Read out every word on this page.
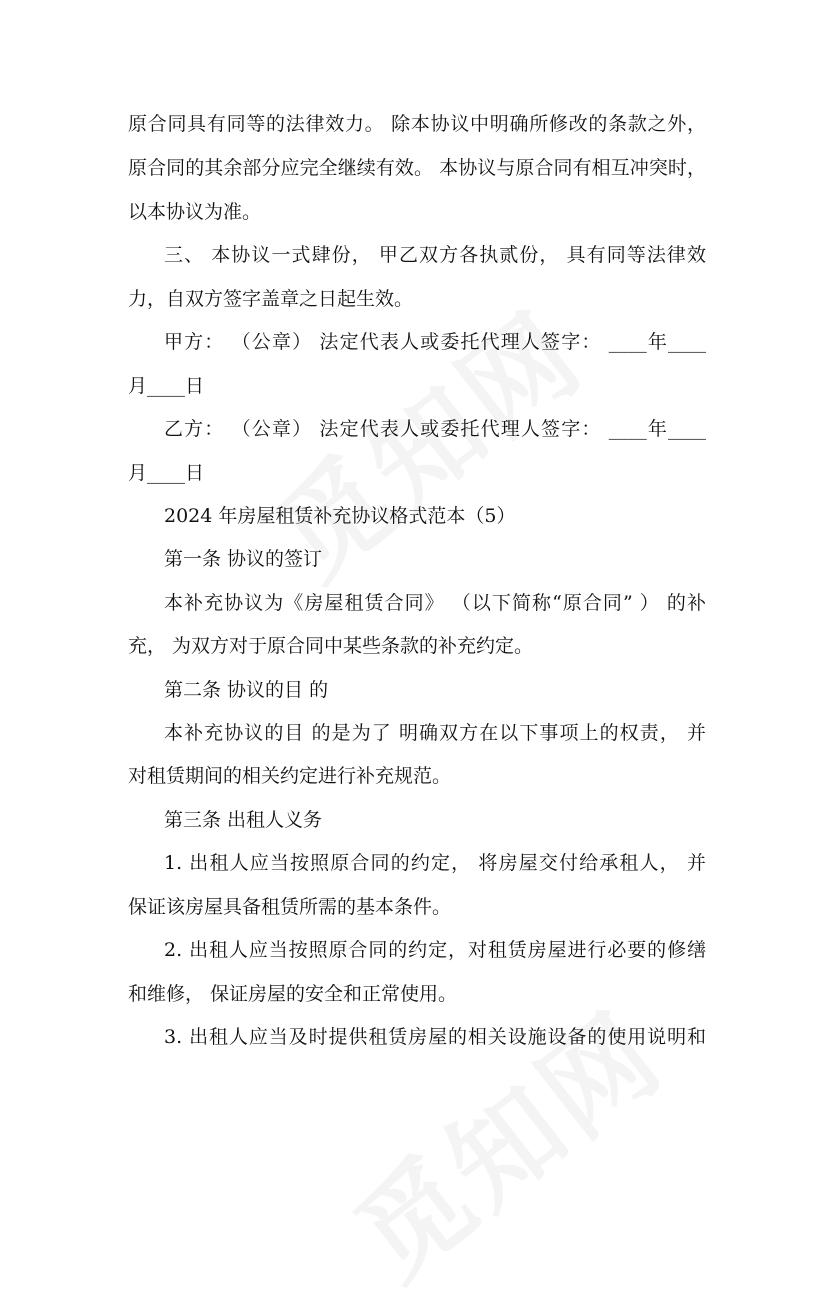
原合同具有同等的法律效力。 除本协议中明确所修改的条款之外，
原合同的其余部分应完全继续有效。 本协议与原合同有相互冲突时，
以本协议为准。
三、 本协议一式肆份， 甲乙双方各执贰份， 具有同等法律效
力，自双方签字盖章之日起生效。
甲方： （公章） 法定代表人或委托代理人签字： ____年____
月____日
乙方： （公章） 法定代表人或委托代理人签字： ____年____
月____日
2024 年房屋租赁补充协议格式范本（5）
第一条 协议的签订
本补充协议为《房屋租赁合同》 （以下简称“原合同” ） 的补
充， 为双方对于原合同中某些条款的补充约定。
第二条 协议的目 的
本补充协议的目 的是为了 明确双方在以下事项上的权责， 并
对租赁期间的相关约定进行补充规范。
第三条 出租人义务
1. 出租人应当按照原合同的约定， 将房屋交付给承租人， 并
保证该房屋具备租赁所需的基本条件。
2. 出租人应当按照原合同的约定，对租赁房屋进行必要的修缮
和维修， 保证房屋的安全和正常使用。
3. 出租人应当及时提供租赁房屋的相关设施设备的使用说明和
